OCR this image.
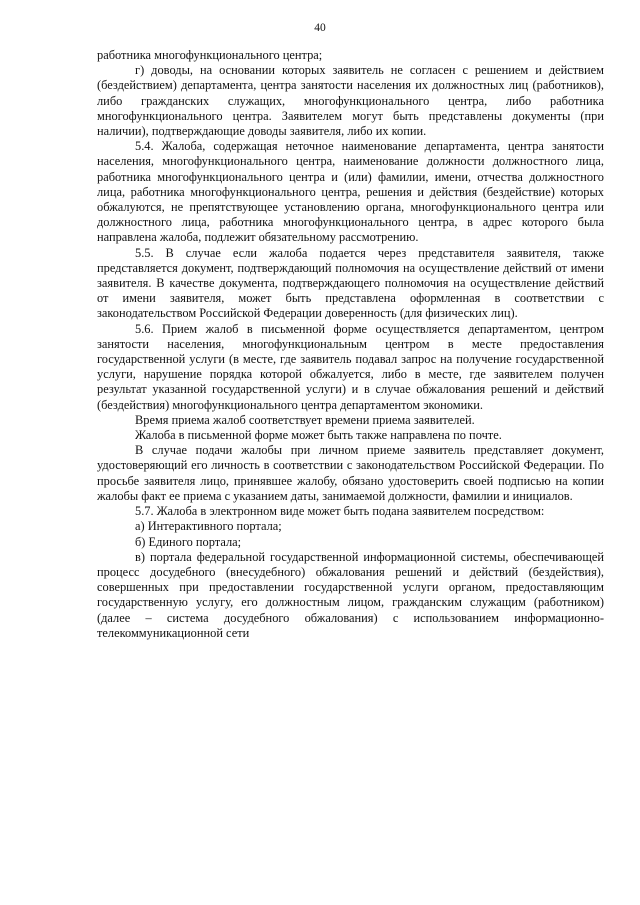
40

работника многофункционального центра;

г) доводы, на основании которых заявитель не согласен с решением и действием (бездействием) департамента, центра занятости населения их должностных лиц (работников), либо гражданских служащих, многофункционального центра, либо работника многофункционального центра. Заявителем могут быть представлены документы (при наличии), подтверждающие доводы заявителя, либо их копии.

5.4. Жалоба, содержащая неточное наименование департамента, центра занятости населения, многофункционального центра, наименование должности должностного лица, работника многофункционального центра и (или) фамилии, имени, отчества должностного лица, работника многофункционального центра, решения и действия (бездействие) которых обжалуются, не препятствующее установлению органа, многофункционального центра или должностного лица, работника многофункционального центра, в адрес которого была направлена жалоба, подлежит обязательному рассмотрению.

5.5. В случае если жалоба подается через представителя заявителя, также представляется документ, подтверждающий полномочия на осуществление действий от имени заявителя. В качестве документа, подтверждающего полномочия на осуществление действий от имени заявителя, может быть представлена оформленная в соответствии с законодательством Российской Федерации доверенность (для физических лиц).

5.6. Прием жалоб в письменной форме осуществляется департаментом, центром занятости населения, многофункциональным центром в месте предоставления государственной услуги (в месте, где заявитель подавал запрос на получение государственной услуги, нарушение порядка которой обжалуется, либо в месте, где заявителем получен результат указанной государственной услуги) и в случае обжалования решений и действий (бездействия) многофункционального центра департаментом экономики.

Время приема жалоб соответствует времени приема заявителей.

Жалоба в письменной форме может быть также направлена по почте.

В случае подачи жалобы при личном приеме заявитель представляет документ, удостоверяющий его личность в соответствии с законодательством Российской Федерации. По просьбе заявителя лицо, принявшее жалобу, обязано удостоверить своей подписью на копии жалобы факт ее приема с указанием даты, занимаемой должности, фамилии и инициалов.

5.7. Жалоба в электронном виде может быть подана заявителем посредством:

а) Интерактивного портала;

б) Единого портала;

в) портала федеральной государственной информационной системы, обеспечивающей процесс досудебного (внесудебного) обжалования решений и действий (бездействия), совершенных при предоставлении государственной услуги органом, предоставляющим государственную услугу, его должностным лицом, гражданским служащим (работником) (далее – система досудебного обжалования) с использованием информационно-телекоммуникационной сети
